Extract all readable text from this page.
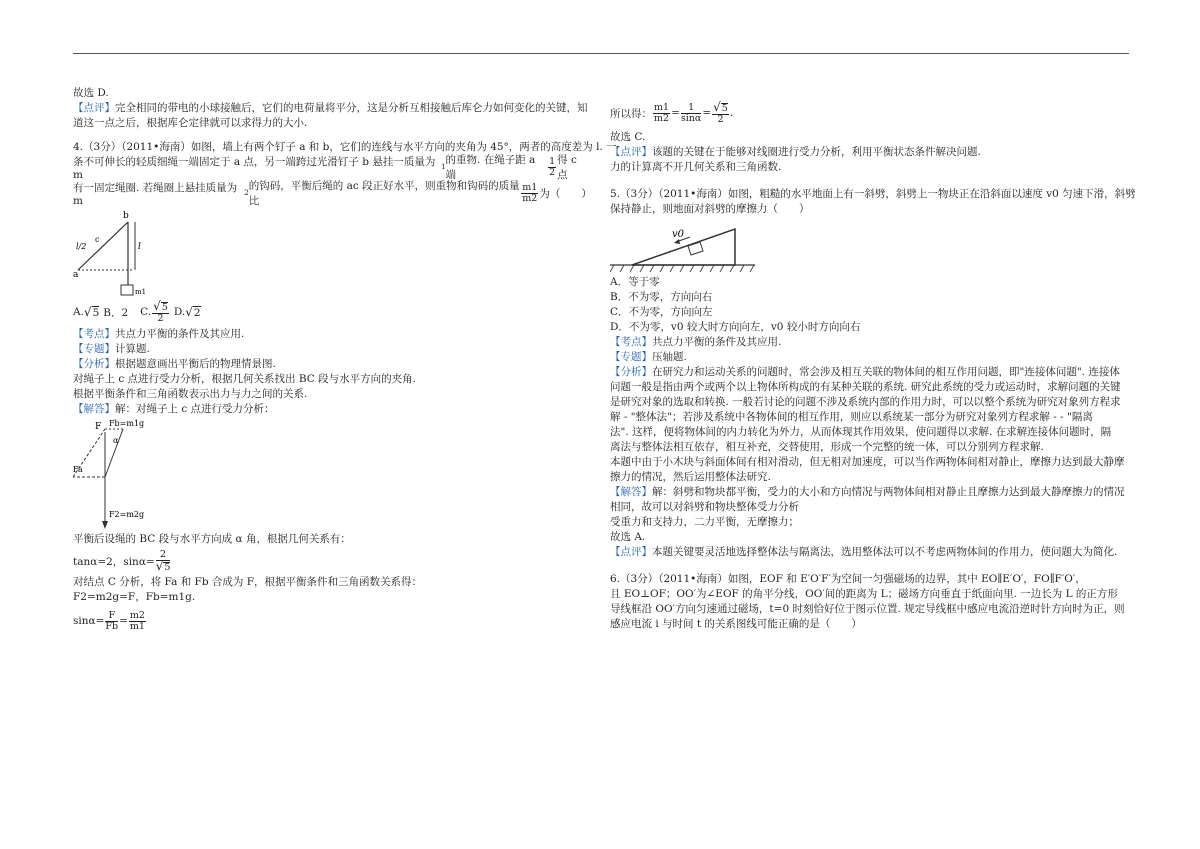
故选 D.
【点评】完全相同的带电的小球接触后，它们的电荷量将平分，这是分析互相接触后库仑力如何变化的关键，知
道这一点之后，根据库仑定律就可以求得力的大小.
4.（3分）（2011•海南）如图，墙上有两个钉子 a 和 b，它们的连线与水平方向的夹角为 45°，两者的高度差为 l. 一
条不可伸长的轻质细绳一端固定于 a 点，另一端跨过光滑钉子 b 悬挂一质量为 m
1
的重物. 在绳子距 a 端	$\frac{1}{2}$ 得 c 点
有一固定绳圈. 若绳圈上悬挂质量为 m
2
的钩码，平衡后绳的 ac 段正好水平，则重物和钩码的质量比	$\frac{m1}{m2}$ 为（　　）
b
l
l/2
c
a
m1
A. √ 5 B．2 C. $\frac{√5}{2} D$. √ 2
【考点】共点力平衡的条件及其应用.
【专题】计算题.
【分析】根据题意画出平衡后的物理情景图.
对绳子上 c 点进行受力分析，根据几何关系找出 BC 段与水平方向的夹角.
根据平衡条件和三角函数表示出力与力之间的关系.
【解答】解：对绳子上 c 点进行受力分析：
F Fb=m1g
α
Fa
F2=m2g
平衡后设绳的 BC 段与水平方向成 α 角，根据几何关系有：
tanα=2，$\sin\alpha= \frac{2}{√5}$
对结点 C 分析，将 Fa 和 Fb 合成为 F，根据平衡条件和三角函数关系得：
F2=m2g=F，Fb=m1g.
$\sin\alpha= \frac{F}{Fb} = \frac{m2}{m1}$
所以得： $\frac{m1}{m2} = \frac{1}{\sin\alpha} = \frac{√5}{2}$ .
故选 C.
【点评】该题的关键在于能够对线圈进行受力分析，利用平衡状态条件解决问题.
力的计算离不开几何关系和三角函数.
5.（3分）（2011•海南）如图，粗糙的水平地面上有一斜劈，斜劈上一物块正在沿斜面以速度 v0 匀速下滑，斜劈
保持静止，则地面对斜劈的摩擦力（　　）
v0
A．等于零
B．不为零，方向向右
C．不为零，方向向左
D．不为零，v0 较大时方向向左，v0 较小时方向向右
【考点】共点力平衡的条件及其应用.
【专题】压轴题.
【分析】在研究力和运动关系的问题时，常会涉及相互关联的物体间的相互作用问题，即"连接体问题". 连接体
问题一般是指由两个或两个以上物体所构成的有某种关联的系统. 研究此系统的受力或运动时，求解问题的关键
是研究对象的选取和转换. 一般若讨论的问题不涉及系统内部的作用力时，可以以整个系统为研究对象列方程求
解 - "整体法"；若涉及系统中各物体间的相互作用，则应以系统某一部分为研究对象列方程求解 - - "隔离
法". 这样，便将物体间的内力转化为外力，从而体现其作用效果，使问题得以求解. 在求解连接体问题时，隔
离法与整体法相互依存，相互补充，交替使用，形成一个完整的统一体，可以分别列方程求解.
本题中由于小木块与斜面体间有相对滑动，但无相对加速度，可以当作两物体间相对静止，摩擦力达到最大静摩
擦力的情况，然后运用整体法研究.
【解答】解：斜劈和物块都平衡，受力的大小和方向情况与两物体间相对静止且摩擦力达到最大静摩擦力的情况
相同，故可以对斜劈和物块整体受力分析
受重力和支持力，二力平衡，无摩擦力；
故选 A.
【点评】本题关键要灵活地选择整体法与隔离法，选用整体法可以不考虑两物体间的作用力，使问题大为简化.
6.（3分）（2011•海南）如图，EOF 和 E′O′F′为空间一匀强磁场的边界，其中 EO∥E′O′，FO∥F′O′，
且 EO⊥OF；OO′为∠EOF 的角平分线，OO′间的距离为 L；磁场方向垂直于纸面向里. 一边长为 L 的正方形
导线框沿 OO′方向匀速通过磁场，t=0 时刻恰好位于图示位置. 规定导线框中感应电流沿逆时针方向时为正，则
感应电流 i 与时间 t 的关系图线可能正确的是（　　）
